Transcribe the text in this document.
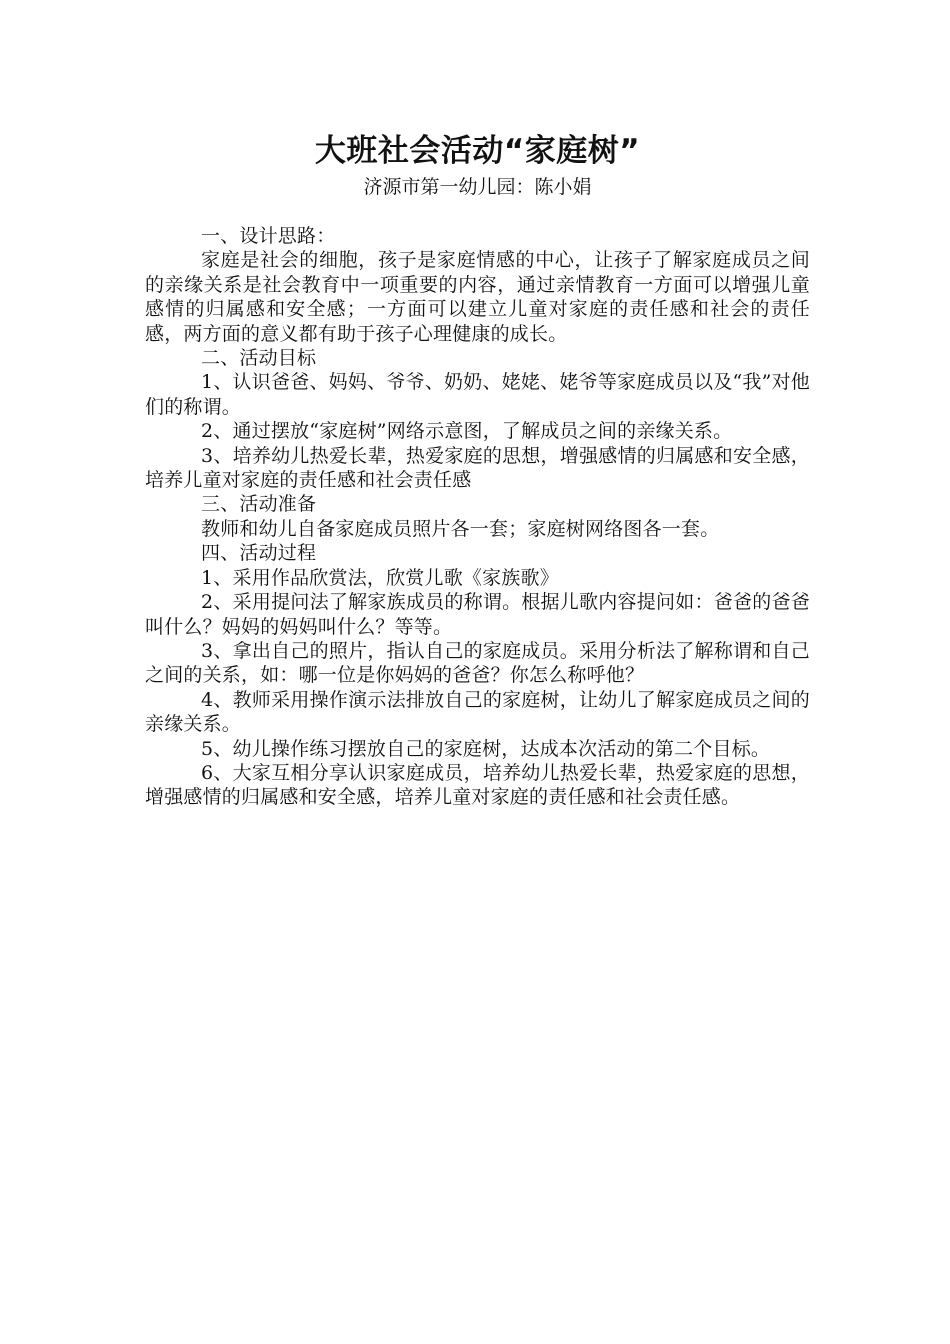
大班社会活动“家庭树”

济源市第一幼儿园：陈小娟

一、设计思路：

家庭是社会的细胞，孩子是家庭情感的中心，让孩子了解家庭成员之间的亲缘关系是社会教育中一项重要的内容，通过亲情教育一方面可以增强儿童感情的归属感和安全感；一方面可以建立儿童对家庭的责任感和社会的责任感，两方面的意义都有助于孩子心理健康的成长。

二、活动目标

1、认识爸爸、妈妈、爷爷、奶奶、姥姥、姥爷等家庭成员以及“我”对他们的称谓。

2、通过摆放“家庭树”网络示意图，了解成员之间的亲缘关系。

3、培养幼儿热爱长辈，热爱家庭的思想，增强感情的归属感和安全感，培养儿童对家庭的责任感和社会责任感

三、活动准备

教师和幼儿自备家庭成员照片各一套；家庭树网络图各一套。

四、活动过程

1、采用作品欣赏法，欣赏儿歌《家族歌》

2、采用提问法了解家族成员的称谓。根据儿歌内容提问如：爸爸的爸爸叫什么？妈妈的妈妈叫什么？等等。

3、拿出自己的照片，指认自己的家庭成员。采用分析法了解称谓和自己之间的关系，如：哪一位是你妈妈的爸爸？你怎么称呼他？

4、教师采用操作演示法排放自己的家庭树，让幼儿了解家庭成员之间的亲缘关系。

5、幼儿操作练习摆放自己的家庭树，达成本次活动的第二个目标。

6、大家互相分享认识家庭成员，培养幼儿热爱长辈，热爱家庭的思想，增强感情的归属感和安全感，培养儿童对家庭的责任感和社会责任感。
